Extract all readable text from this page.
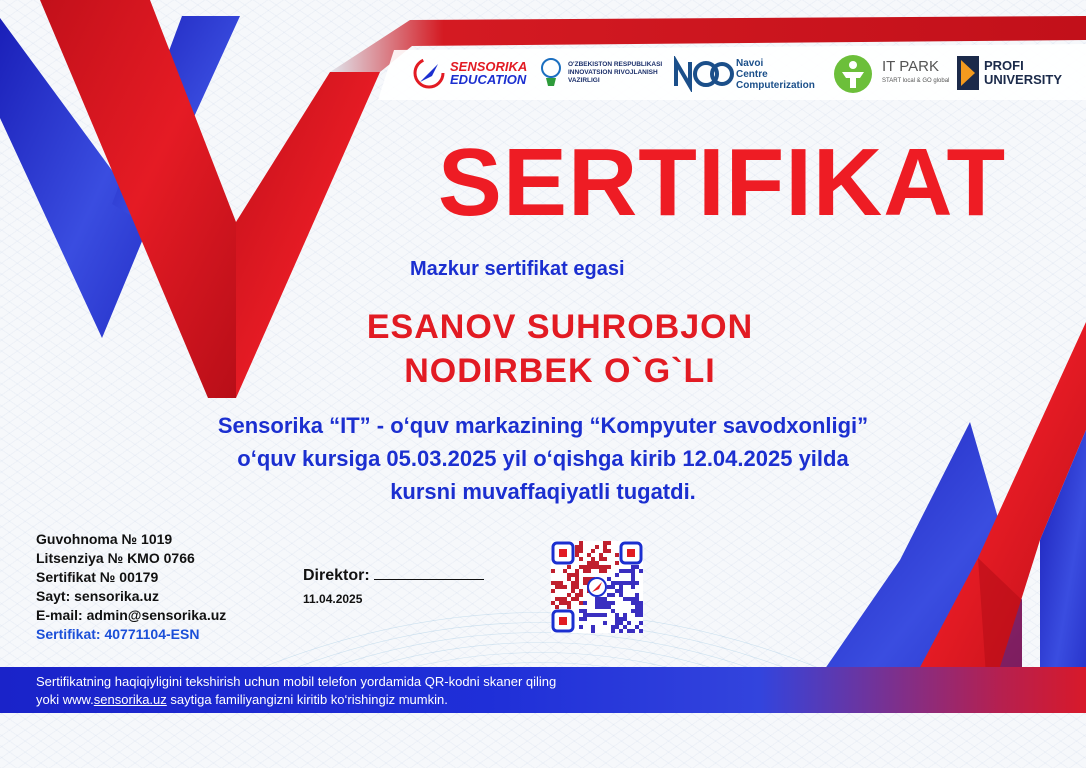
SENSORIKA
EDUCATION
O'ZBEKISTON RESPUBLIKASI
INNOVATSION RIVOJLANISH
VAZIRLIGI
Navoi
Centre
Computerization
IT PARK
START local & GO global
PROFI
UNIVERSITY
SERTIFIKAT
Mazkur sertifikat egasi
ESANOV SUHROBJON
NODIRBEK O`G`LI
Sensorika “IT” - o‘quv markazining “Kompyuter savodxonligi”
o‘quv kursiga 05.03.2025 yil o‘qishga kirib 12.04.2025 yilda
kursni muvaffaqiyatli tugatdi.
Guvohnoma № 1019
Litsenziya № KMO 0766
Sertifikat № 00179
Sayt: sensorika.uz
E-mail: admin@sensorika.uz
Sertifikat: 40771104-ESN
Direktor:
11.04.2025
Sertifikatning haqiqiyligini tekshirish uchun mobil telefon yordamida QR-kodni skaner qiling
yoki www.sensorika.uz saytiga familiyangizni kiritib ko‘rishingiz mumkin.
